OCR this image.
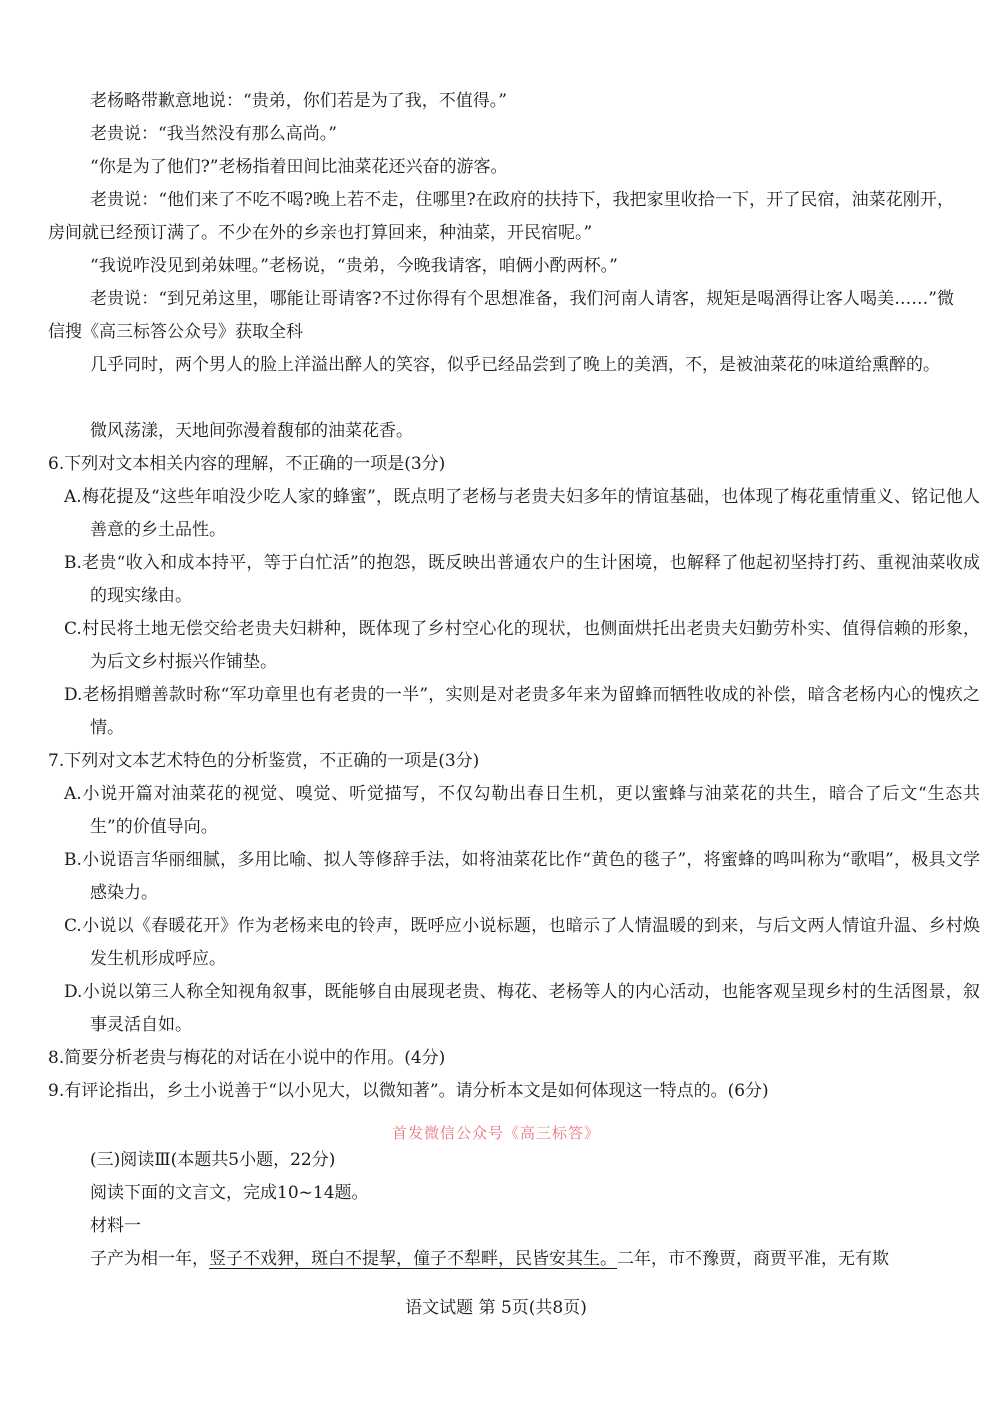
老杨略带歉意地说：“贵弟，你们若是为了我，不值得。”
老贵说：“我当然没有那么高尚。”
“你是为了他们?”老杨指着田间比油菜花还兴奋的游客。
老贵说：“他们来了不吃不喝?晚上若不走，住哪里?在政府的扶持下，我把家里收拾一下，开了民宿，油菜花刚开，房间就已经预订满了。不少在外的乡亲也打算回来，种油菜，开民宿呢。”
“我说咋没见到弟妹哩。”老杨说，“贵弟，今晚我请客，咱俩小酌两杯。”
老贵说：“到兄弟这里，哪能让哥请客?不过你得有个思想准备，我们河南人请客，规矩是喝酒得让客人喝美……”微信搜《高三标答公众号》获取全科
几乎同时，两个男人的脸上洋溢出醉人的笑容，似乎已经品尝到了晚上的美酒，不，是被油菜花的味道给熏醉的。
微风荡漾，天地间弥漫着馥郁的油菜花香。
6.下列对文本相关内容的理解，不正确的一项是(3分)
A.梅花提及“这些年咱没少吃人家的蜂蜜”，既点明了老杨与老贵夫妇多年的情谊基础，也体现了梅花重情重义、铭记他人善意的乡土品性。
B.老贵“收入和成本持平，等于白忙活”的抱怨，既反映出普通农户的生计困境，也解释了他起初坚持打药、重视油菜收成的现实缘由。
C.村民将土地无偿交给老贵夫妇耕种，既体现了乡村空心化的现状，也侧面烘托出老贵夫妇勤劳朴实、值得信赖的形象，为后文乡村振兴作铺垫。
D.老杨捐赠善款时称“军功章里也有老贵的一半”，实则是对老贵多年来为留蜂而牺牲收成的补偿，暗含老杨内心的愧疚之情。
7.下列对文本艺术特色的分析鉴赏，不正确的一项是(3分)
A.小说开篇对油菜花的视觉、嗅觉、听觉描写，不仅勾勒出春日生机，更以蜜蜂与油菜花的共生，暗合了后文“生态共生”的价值导向。
B.小说语言华丽细腻，多用比喻、拟人等修辞手法，如将油菜花比作“黄色的毯子”，将蜜蜂的鸣叫称为“歌唱”，极具文学感染力。
C.小说以《春暖花开》作为老杨来电的铃声，既呼应小说标题，也暗示了人情温暖的到来，与后文两人情谊升温、乡村焕发生机形成呼应。
D.小说以第三人称全知视角叙事，既能够自由展现老贵、梅花、老杨等人的内心活动，也能客观呈现乡村的生活图景，叙事灵活自如。
8.简要分析老贵与梅花的对话在小说中的作用。(4分)
9.有评论指出，乡土小说善于“以小见大，以微知著”。请分析本文是如何体现这一特点的。(6分)
首发微信公众号《高三标答》
(三)阅读Ⅲ(本题共5小题，22分)
阅读下面的文言文，完成10~14题。
材料一
子产为相一年，竖子不戏狎，斑白不提挈，僮子不犁畔，民皆安其生。二年，市不豫贾，商贾平准，无有欺
语文试题 第 5页(共8页)
